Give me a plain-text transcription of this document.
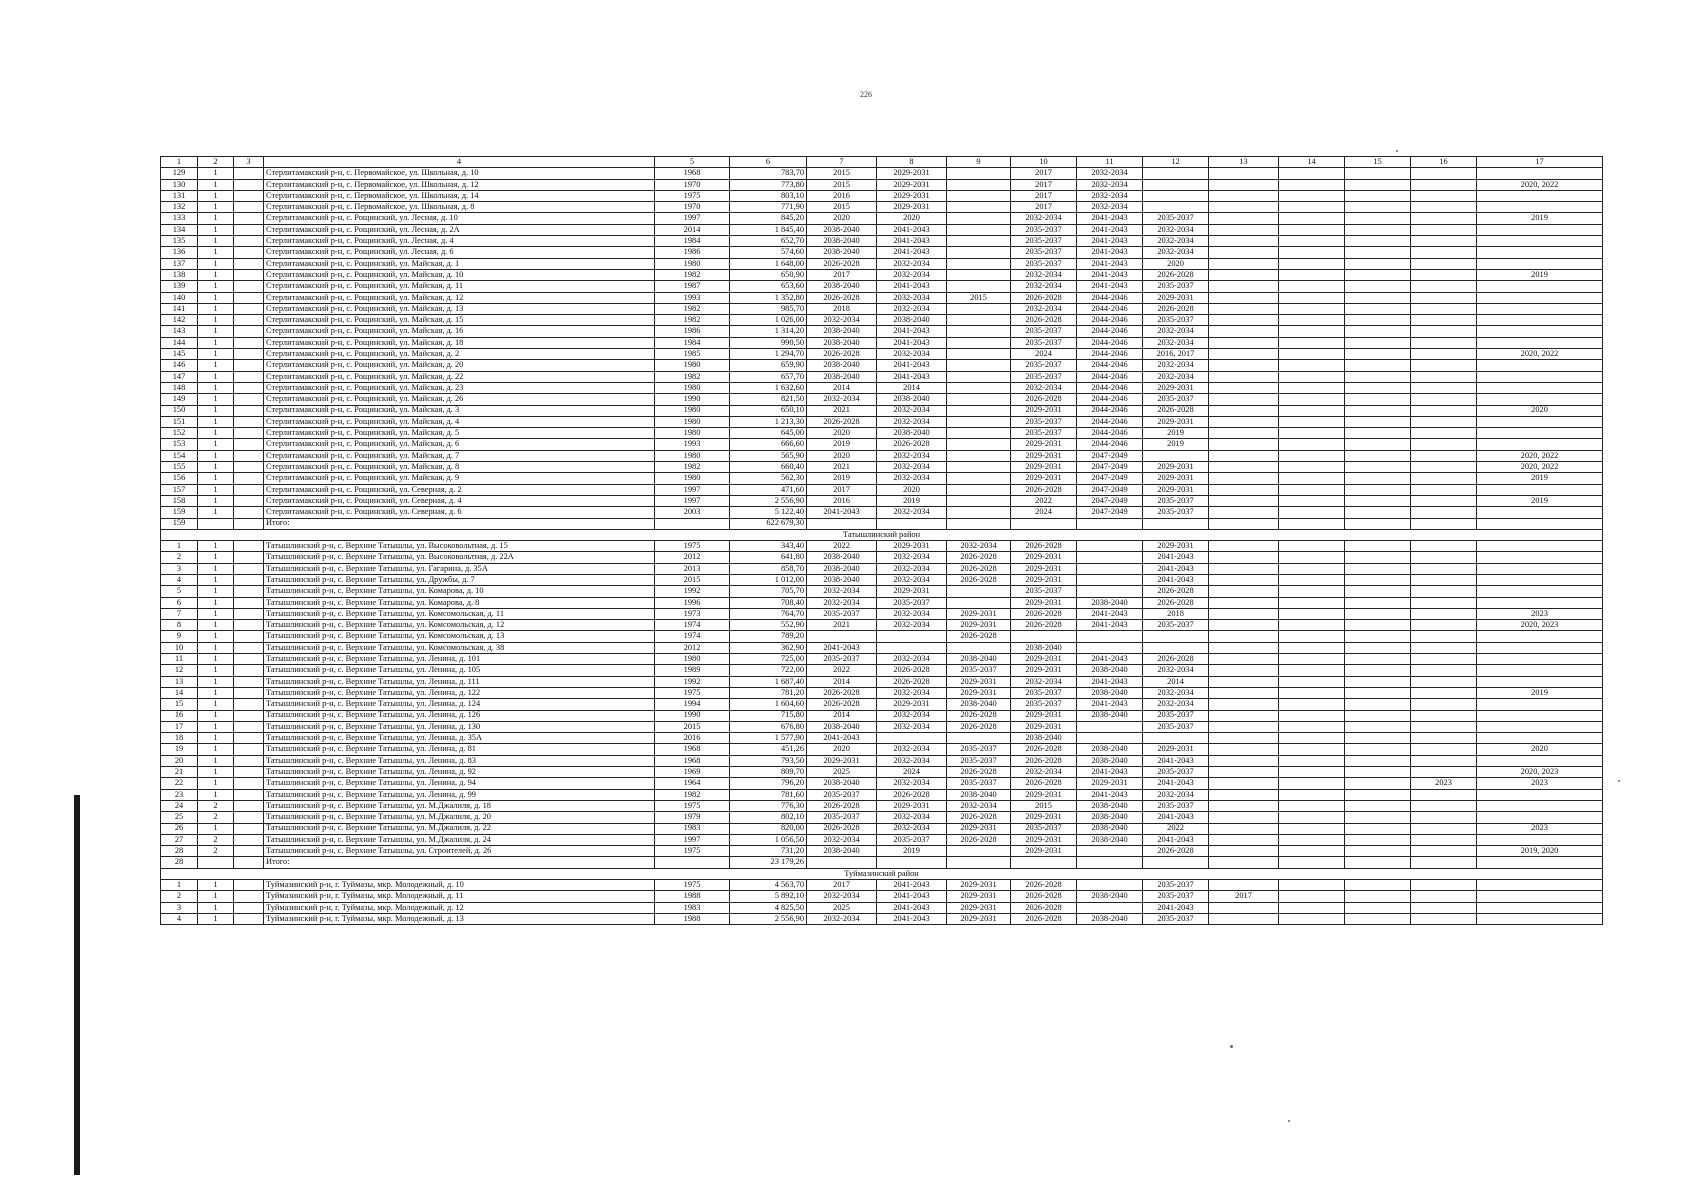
226
1	2	3	4	5	6	7	8	9	10	11	12	13	14	15	16	17
129	1		Стерлитамакский р-н, с. Первомайское, ул. Школьная, д. 10	1968	783,70	2015	2029-2031		2017	2032-2034						
130	1		Стерлитамакский р-н, с. Первомайское, ул. Школьная, д. 12	1970	773,80	2015	2029-2031		2017	2032-2034						2020, 2022
131	1		Стерлитамакский р-н, с. Первомайское, ул. Школьная, д. 14	1975	803,10	2016	2029-2031		2017	2032-2034						
132	1		Стерлитамакский р-н, с. Первомайское, ул. Школьная, д. 8	1970	771,90	2015	2029-2031		2017	2032-2034						
133	1		Стерлитамакский р-н, с. Рощинский, ул. Лесная, д. 10	1997	845,20	2020	2020		2032-2034	2041-2043	2035-2037					2019
134	1		Стерлитамакский р-н, с. Рощинский, ул. Лесная, д. 2А	2014	1 845,40	2038-2040	2041-2043		2035-2037	2041-2043	2032-2034					
135	1		Стерлитамакский р-н, с. Рощинский, ул. Лесная, д. 4	1984	652,70	2038-2040	2041-2043		2035-2037	2041-2043	2032-2034					
136	1		Стерлитамакский р-н, с. Рощинский, ул. Лесная, д. 6	1986	574,60	2038-2040	2041-2043		2035-2037	2041-2043	2032-2034					
137	1		Стерлитамакский р-н, с. Рощинский, ул. Майская, д. 1	1980	1 648,00	2026-2028	2032-2034		2035-2037	2041-2043	2020					
138	1		Стерлитамакский р-н, с. Рощинский, ул. Майская, д. 10	1982	650,90	2017	2032-2034		2032-2034	2041-2043	2026-2028					2019
139	1		Стерлитамакский р-н, с. Рощинский, ул. Майская, д. 11	1987	653,60	2038-2040	2041-2043		2032-2034	2041-2043	2035-2037					
140	1		Стерлитамакский р-н, с. Рощинский, ул. Майская, д. 12	1993	1 352,80	2026-2028	2032-2034	2015	2026-2028	2044-2046	2029-2031					
141	1		Стерлитамакский р-н, с. Рощинский, ул. Майская, д. 13	1982	985,70	2018	2032-2034		2032-2034	2044-2046	2026-2028					
142	1		Стерлитамакский р-н, с. Рощинский, ул. Майская, д. 15	1982	1 026,00	2032-2034	2038-2040		2026-2028	2044-2046	2035-2037					
143	1		Стерлитамакский р-н, с. Рощинский, ул. Майская, д. 16	1986	1 314,20	2038-2040	2041-2043		2035-2037	2044-2046	2032-2034					
144	1		Стерлитамакский р-н, с. Рощинский, ул. Майская, д. 18	1984	990,50	2038-2040	2041-2043		2035-2037	2044-2046	2032-2034					
145	1		Стерлитамакский р-н, с. Рощинский, ул. Майская, д. 2	1985	1 294,70	2026-2028	2032-2034		2024	2044-2046	2016, 2017					2020, 2022
146	1		Стерлитамакский р-н, с. Рощинский, ул. Майская, д. 20	1980	659,90	2038-2040	2041-2043		2035-2037	2044-2046	2032-2034					
147	1		Стерлитамакский р-н, с. Рощинский, ул. Майская, д. 22	1982	657,70	2038-2040	2041-2043		2035-2037	2044-2046	2032-2034					
148	1		Стерлитамакский р-н, с. Рощинский, ул. Майская, д. 23	1980	1 632,60	2014	2014		2032-2034	2044-2046	2029-2031					
149	1		Стерлитамакский р-н, с. Рощинский, ул. Майская, д. 26	1990	821,50	2032-2034	2038-2040		2026-2028	2044-2046	2035-2037					
150	1		Стерлитамакский р-н, с. Рощинский, ул. Майская, д. 3	1980	650,10	2021	2032-2034		2029-2031	2044-2046	2026-2028					2020
151	1		Стерлитамакский р-н, с. Рощинский, ул. Майская, д. 4	1980	1 213,30	2026-2028	2032-2034		2035-2037	2044-2046	2029-2031					
152	1		Стерлитамакский р-н, с. Рощинский, ул. Майская, д. 5	1980	645,00	2020	2038-2040		2035-2037	2044-2046	2019					
153	1		Стерлитамакский р-н, с. Рощинский, ул. Майская, д. 6	1993	666,60	2019	2026-2028		2029-2031	2044-2046	2019					
154	1		Стерлитамакский р-н, с. Рощинский, ул. Майская, д. 7	1980	565,90	2020	2032-2034		2029-2031	2047-2049						2020, 2022
155	1		Стерлитамакский р-н, с. Рощинский, ул. Майская, д. 8	1982	660,40	2021	2032-2034		2029-2031	2047-2049	2029-2031					2020, 2022
156	1		Стерлитамакский р-н, с. Рощинский, ул. Майская, д. 9	1980	562,30	2019	2032-2034		2029-2031	2047-2049	2029-2031					2019
157	1		Стерлитамакский р-н, с. Рощинский, ул. Северная, д. 2	1997	471,60	2017	2020		2026-2028	2047-2049	2029-2031					
158	1		Стерлитамакский р-н, с. Рощинский, ул. Северная, д. 4	1997	2 556,90	2016	2019		2022	2047-2049	2035-2037					2019
159	1		Стерлитамакский р-н, с. Рощинский, ул. Северная, д. 6	2003	5 122,40	2041-2043	2032-2034		2024	2047-2049	2035-2037					
159			Итого:		622 679,30											
Татышлинский район																
1	1		Татышлинский р-н, с. Верхние Татышлы, ул. Высоковольтная, д. 15	1975	343,40	2022	2029-2031	2032-2034	2026-2028		2029-2031					
2	1		Татышлинский р-н, с. Верхние Татышлы, ул. Высоковольтная, д. 22А	2012	641,80	2038-2040	2032-2034	2026-2028	2029-2031		2041-2043					
3	1		Татышлинский р-н, с. Верхние Татышлы, ул. Гагарина, д. 35А	2013	858,70	2038-2040	2032-2034	2026-2028	2029-2031		2041-2043					
4	1		Татышлинский р-н, с. Верхние Татышлы, ул. Дружбы, д. 7	2015	1 012,00	2038-2040	2032-2034	2026-2028	2029-2031		2041-2043					
5	1		Татышлинский р-н, с. Верхние Татышлы, ул. Комарова, д. 10	1992	705,70	2032-2034	2029-2031		2035-2037		2026-2028					
6	1		Татышлинский р-н, с. Верхние Татышлы, ул. Комарова, д. 8	1996	708,40	2032-2034	2035-2037		2029-2031	2038-2040	2026-2028					
7	1		Татышлинский р-н, с. Верхние Татышлы, ул. Комсомольская, д. 11	1973	764,70	2035-2037	2032-2034	2029-2031	2026-2028	2041-2043	2018					2023
8	1		Татышлинский р-н, с. Верхние Татышлы, ул. Комсомольская, д. 12	1974	552,90	2021	2032-2034	2029-2031	2026-2028	2041-2043	2035-2037					2020, 2023
9	1		Татышлинский р-н, с. Верхние Татышлы, ул. Комсомольская, д. 13	1974	789,20			2026-2028								
10	1		Татышлинский р-н, с. Верхние Татышлы, ул. Комсомольская, д. 38	2012	362,90	2041-2043			2038-2040							
11	1		Татышлинский р-н, с. Верхние Татышлы, ул. Ленина, д. 101	1980	725,00	2035-2037	2032-2034	2038-2040	2029-2031	2041-2043	2026-2028					
12	1		Татышлинский р-н, с. Верхние Татышлы, ул. Ленина, д. 105	1989	722,00	2022	2026-2028	2035-2037	2029-2031	2038-2040	2032-2034					
13	1		Татышлинский р-н, с. Верхние Татышлы, ул. Ленина, д. 111	1992	1 687,40	2014	2026-2028	2029-2031	2032-2034	2041-2043	2014					
14	1		Татышлинский р-н, с. Верхние Татышлы, ул. Ленина, д. 122	1975	781,20	2026-2028	2032-2034	2029-2031	2035-2037	2038-2040	2032-2034					2019
15	1		Татышлинский р-н, с. Верхние Татышлы, ул. Ленина, д. 124	1994	1 604,60	2026-2028	2029-2031	2038-2040	2035-2037	2041-2043	2032-2034					
16	1		Татышлинский р-н, с. Верхние Татышлы, ул. Ленина, д. 126	1990	715,80	2014	2032-2034	2026-2028	2029-2031	2038-2040	2035-2037					
17	1		Татышлинский р-н, с. Верхние Татышлы, ул. Ленина, д. 130	2015	676,80	2038-2040	2032-2034	2026-2028	2029-2031		2035-2037					
18	1		Татышлинский р-н, с. Верхние Татышлы, ул. Ленина, д. 35А	2016	1 577,90	2041-2043			2038-2040							
19	1		Татышлинский р-н, с. Верхние Татышлы, ул. Ленина, д. 81	1968	451,26	2020	2032-2034	2035-2037	2026-2028	2038-2040	2029-2031					2020
20	1		Татышлинский р-н, с. Верхние Татышлы, ул. Ленина, д. 83	1968	793,50	2029-2031	2032-2034	2035-2037	2026-2028	2038-2040	2041-2043					
21	1		Татышлинский р-н, с. Верхние Татышлы, ул. Ленина, д. 92	1969	809,70	2025	2024	2026-2028	2032-2034	2041-2043	2035-2037					2020, 2023
22	1		Татышлинский р-н, с. Верхние Татышлы, ул. Ленина, д. 94	1964	796,20	2038-2040	2032-2034	2035-2037	2026-2028	2029-2031	2041-2043				2023	2023
23	1		Татышлинский р-н, с. Верхние Татышлы, ул. Ленина, д. 99	1982	781,60	2035-2037	2026-2028	2038-2040	2029-2031	2041-2043	2032-2034					
24	2		Татышлинский р-н, с. Верхние Татышлы, ул. М.Джалиля, д. 18	1975	776,30	2026-2028	2029-2031	2032-2034	2015	2038-2040	2035-2037					
25	2		Татышлинский р-н, с. Верхние Татышлы, ул. М.Джалиля, д. 20	1979	802,10	2035-2037	2032-2034	2026-2028	2029-2031	2038-2040	2041-2043					
26	1		Татышлинский р-н, с. Верхние Татышлы, ул. М.Джалиля, д. 22	1983	820,00	2026-2028	2032-2034	2029-2031	2035-2037	2038-2040	2022					2023
27	2		Татышлинский р-н, с. Верхние Татышлы, ул. М.Джалиля, д. 24	1997	1 056,50	2032-2034	2035-2037	2026-2028	2029-2031	2038-2040	2041-2043					
28	2		Татышлинский р-н, с. Верхние Татышлы, ул. Строителей, д. 26	1975	731,20	2038-2040	2019		2029-2031		2026-2028					2019, 2020
28			Итого:		23 179,26											
Туймазинский район																
1	1		Туймазинский р-н, г. Туймазы, мкр. Молодежный, д. 10	1975	4 563,70	2017	2041-2043	2029-2031	2026-2028		2035-2037					
2	1		Туймазинский р-н, г. Туймазы, мкр. Молодежный, д. 11	1988	5 892,10	2032-2034	2041-2043	2029-2031	2026-2028	2038-2040	2035-2037	2017				
3	1		Туймазинский р-н, г. Туймазы, мкр. Молодежный, д. 12	1983	4 825,50	2025	2041-2043	2029-2031	2026-2028		2041-2043					
4	1		Туймазинский р-н, г. Туймазы, мкр. Молодежный, д. 13	1988	2 556,90	2032-2034	2041-2043	2029-2031	2026-2028	2038-2040	2035-2037					
